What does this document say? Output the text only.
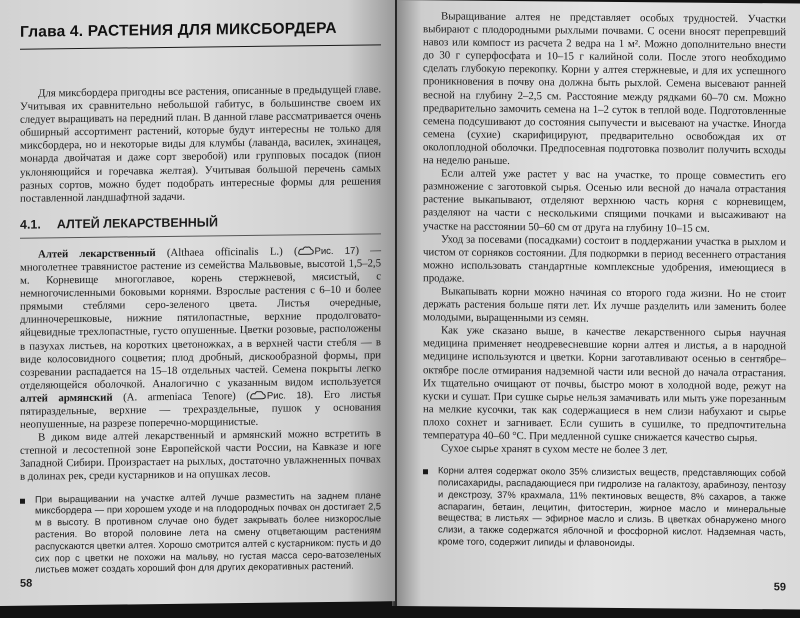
Глава 4. РАСТЕНИЯ ДЛЯ МИКСБОРДЕРА

Для миксбордера пригодны все растения, описанные в предыдущей главе. Учитывая их сравнительно небольшой габитус, в большинстве своем их следует выращивать на передний план. В данной главе рассматривается очень обширный ассортимент растений, которые будут интересны не только для миксбордера, но и некоторые виды для клумбы (лаванда, василек, эхинацея, монарда двойчатая и даже сорт зверобой) или групповых посадок (пион уклоняющийся и горечавка желтая). Учитывая большой перечень самых разных сортов, можно будет подобрать интересные формы для решения поставленной ландшафтной задачи.

4.1. АЛТЕЙ ЛЕКАРСТВЕННЫЙ

Алтей лекарственный (Althaea officinalis L.) ( Рис. 17) — многолетнее травянистое растение из семейства Мальвовые, высотой 1,5–2,5 м. Корневище многоглавое, корень стержневой, мясистый, с немногочисленными боковыми корнями. Взрослые растения с 6–10 и более прямыми стеблями серо-зеленого цвета. Листья очередные, длинночерешковые, нижние пятилопастные, верхние продолговато-яйцевидные трехлопастные, густо опушенные. Цветки розовые, расположены в пазухах листьев, на коротких цветоножках, а в верхней части стебля — в виде колосовидного соцветия; плод дробный, дискообразной формы, при созревании распадается на 15–18 отдельных частей. Семена покрыты легко отделяющейся оболочкой. Аналогично с указанным видом используется алтей армянский (A. armeniaca Tenore) ( Рис. 18). Его листья пятираздельные, верхние — трехраздельные, пушок у основания неопушенные, на разрезе поперечно-морщинистые.

В диком виде алтей лекарственный и армянский можно встретить в степной и лесостепной зоне Европейской части России, на Кавказе и юге Западной Сибири. Произрастает на рыхлых, достаточно увлажненных почвах в долинах рек, среди кустарников и на опушках лесов.

При выращивании на участке алтей лучше разместить на заднем плане миксбордера — при хорошем уходе и на плодородных почвах он достигает 2,5 м в высоту. В противном случае оно будет закрывать более низкорослые растения. Во второй половине лета на смену отцветающим растениям распускаются цветки алтея. Хорошо смотрится алтей с кустарником: пусть и до сих пор с цветки не похожи на мальву, но густая масса серо-ватозеленых листьев может создать хороший фон для других декоративных растений.
58

Выращивание алтея не представляет особых трудностей. Участки выбирают с плодородными рыхлыми почвами. С осени вносят перепревший навоз или компост из расчета 2 ведра на 1 м². Можно дополнительно внести до 30 г суперфосфата и 10–15 г калийной соли. После этого необходимо сделать глубокую перекопку. Корни у алтея стержневые, и для их успешного проникновения в почву она должна быть рыхлой. Семена высевают ранней весной на глубину 2–2,5 см. Расстояние между рядками 60–70 см. Можно предварительно замочить семена на 1–2 суток в теплой воде. Подготовленные семена подсушивают до состояния сыпучести и высевают на участке. Иногда семена (сухие) скарифицируют, предварительно освобождая их от околоплодной оболочки. Предпосевная подготовка позволит получить всходы на неделю раньше.

Если алтей уже растет у вас на участке, то проще совместить его размножение с заготовкой сырья. Осенью или весной до начала отрастания растение выкапывают, отделяют верхнюю часть корня с корневищем, разделяют на части с несколькими спящими почками и высаживают на участке на расстоянии 50–60 см от друга на глубину 10–15 см.

Уход за посевами (посадками) состоит в поддержании участка в рыхлом и чистом от сорняков состоянии. Для подкормки в период весеннего отрастания можно использовать стандартные комплексные удобрения, имеющиеся в продаже.

Выкапывать корни можно начиная со второго года жизни. Но не стоит держать растения больше пяти лет. Их лучше разделить или заменить более молодыми, выращенными из семян.

Как уже сказано выше, в качестве лекарственного сырья научная медицина применяет неодревесневшие корни алтея и листья, а в народной медицине используются и цветки. Корни заготавливают осенью в сентябре–октябре после отмирания надземной части или весной до начала отрастания. Их тщательно очищают от почвы, быстро моют в холодной воде, режут на куски и сушат. При сушке сырье нельзя замачивать или мыть уже порезанным на мелкие кусочки, так как содержащиеся в нем слизи набухают и сырье плохо сохнет и загнивает. Если сушить в сушилке, то предпочтительна температура 40–60 °С. При медленной сушке снижается качество сырья.

Сухое сырье хранят в сухом месте не более 3 лет.

Корни алтея содержат около 35% слизистых веществ, представляющих собой полисахариды, распадающиеся при гидролизе на галактозу, арабинозу, пентозу и декстрозу, 37% крахмала, 11% пектиновых веществ, 8% сахаров, а также аспарагин, бетаин, лецитин, фитостерин, жирное масло и минеральные вещества; в листьях — эфирное масло и слизь. В цветках обнаружено много слизи, а также содержатся яблочной и фосфорной кислот. Надземная часть, кроме того, содержит липиды и флавоноиды.
59
